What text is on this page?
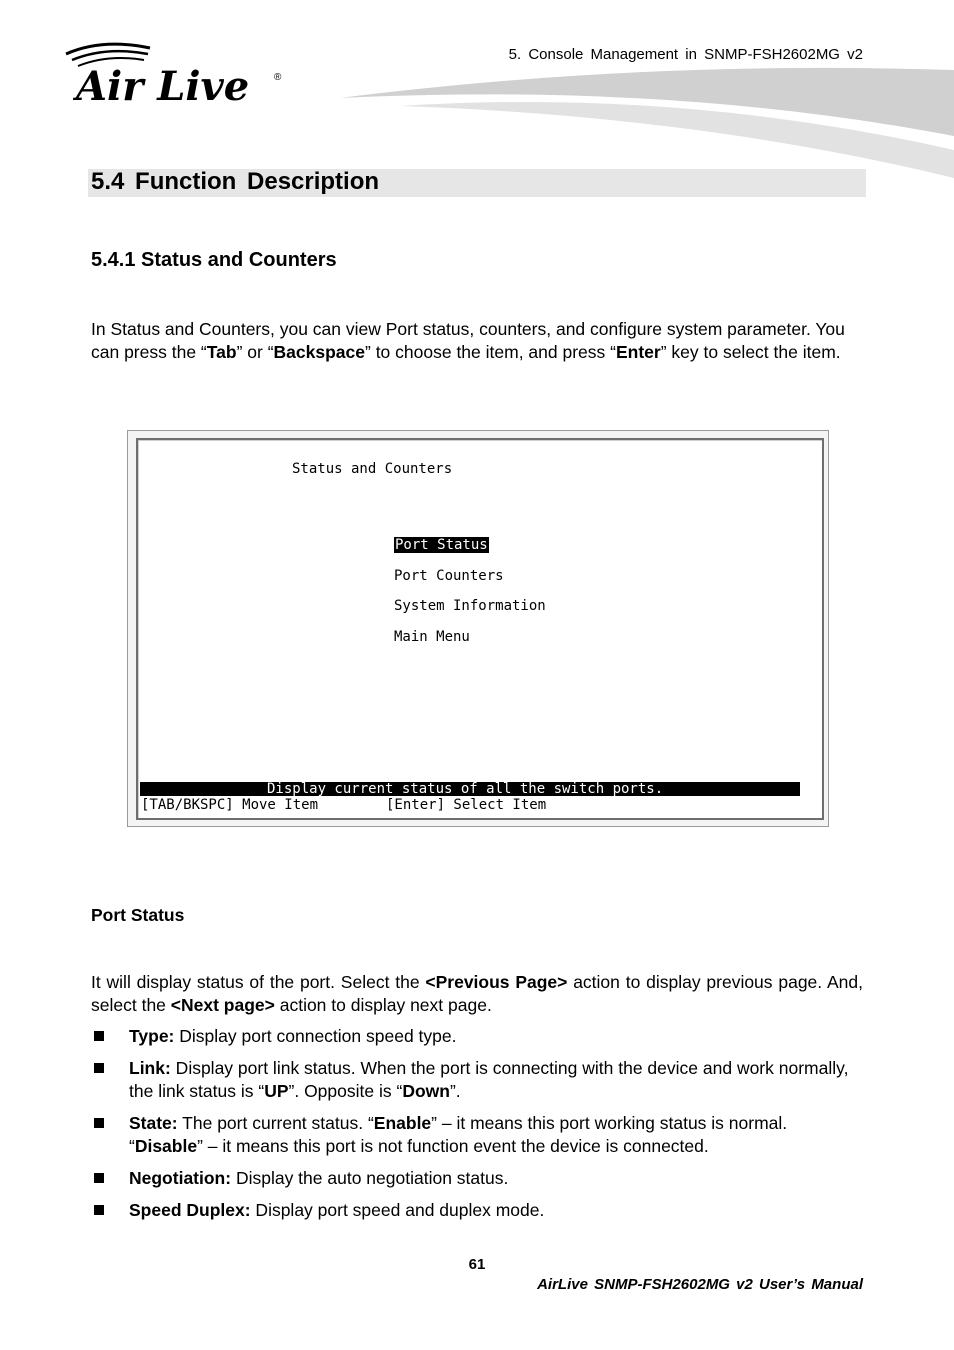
5. Console Management in SNMP-FSH2602MG v2
Air Live ®
5.4 Function Description
5.4.1 Status and Counters
In Status and Counters, you can view Port status, counters, and configure system parameter. You can press the “Tab” or “Backspace” to choose the item, and press “Enter” key to select the item.
Status and Counters
Port Status
Port Counters
System Information
Main Menu
Display current status of all the switch ports.
[TAB/BKSPC] Move Item	[Enter] Select Item
Port Status
It will display status of the port. Select the <Previous Page> action to display previous page. And, select the <Next page> action to display next page.
Type: Display port connection speed type.
Link: Display port link status. When the port is connecting with the device and work normally, the link status is “UP”. Opposite is “Down”.
State: The port current status. “Enable” – it means this port working status is normal. “Disable” – it means this port is not function event the device is connected.
Negotiation: Display the auto negotiation status.
Speed Duplex: Display port speed and duplex mode.
61
AirLive SNMP-FSH2602MG v2 User’s Manual
